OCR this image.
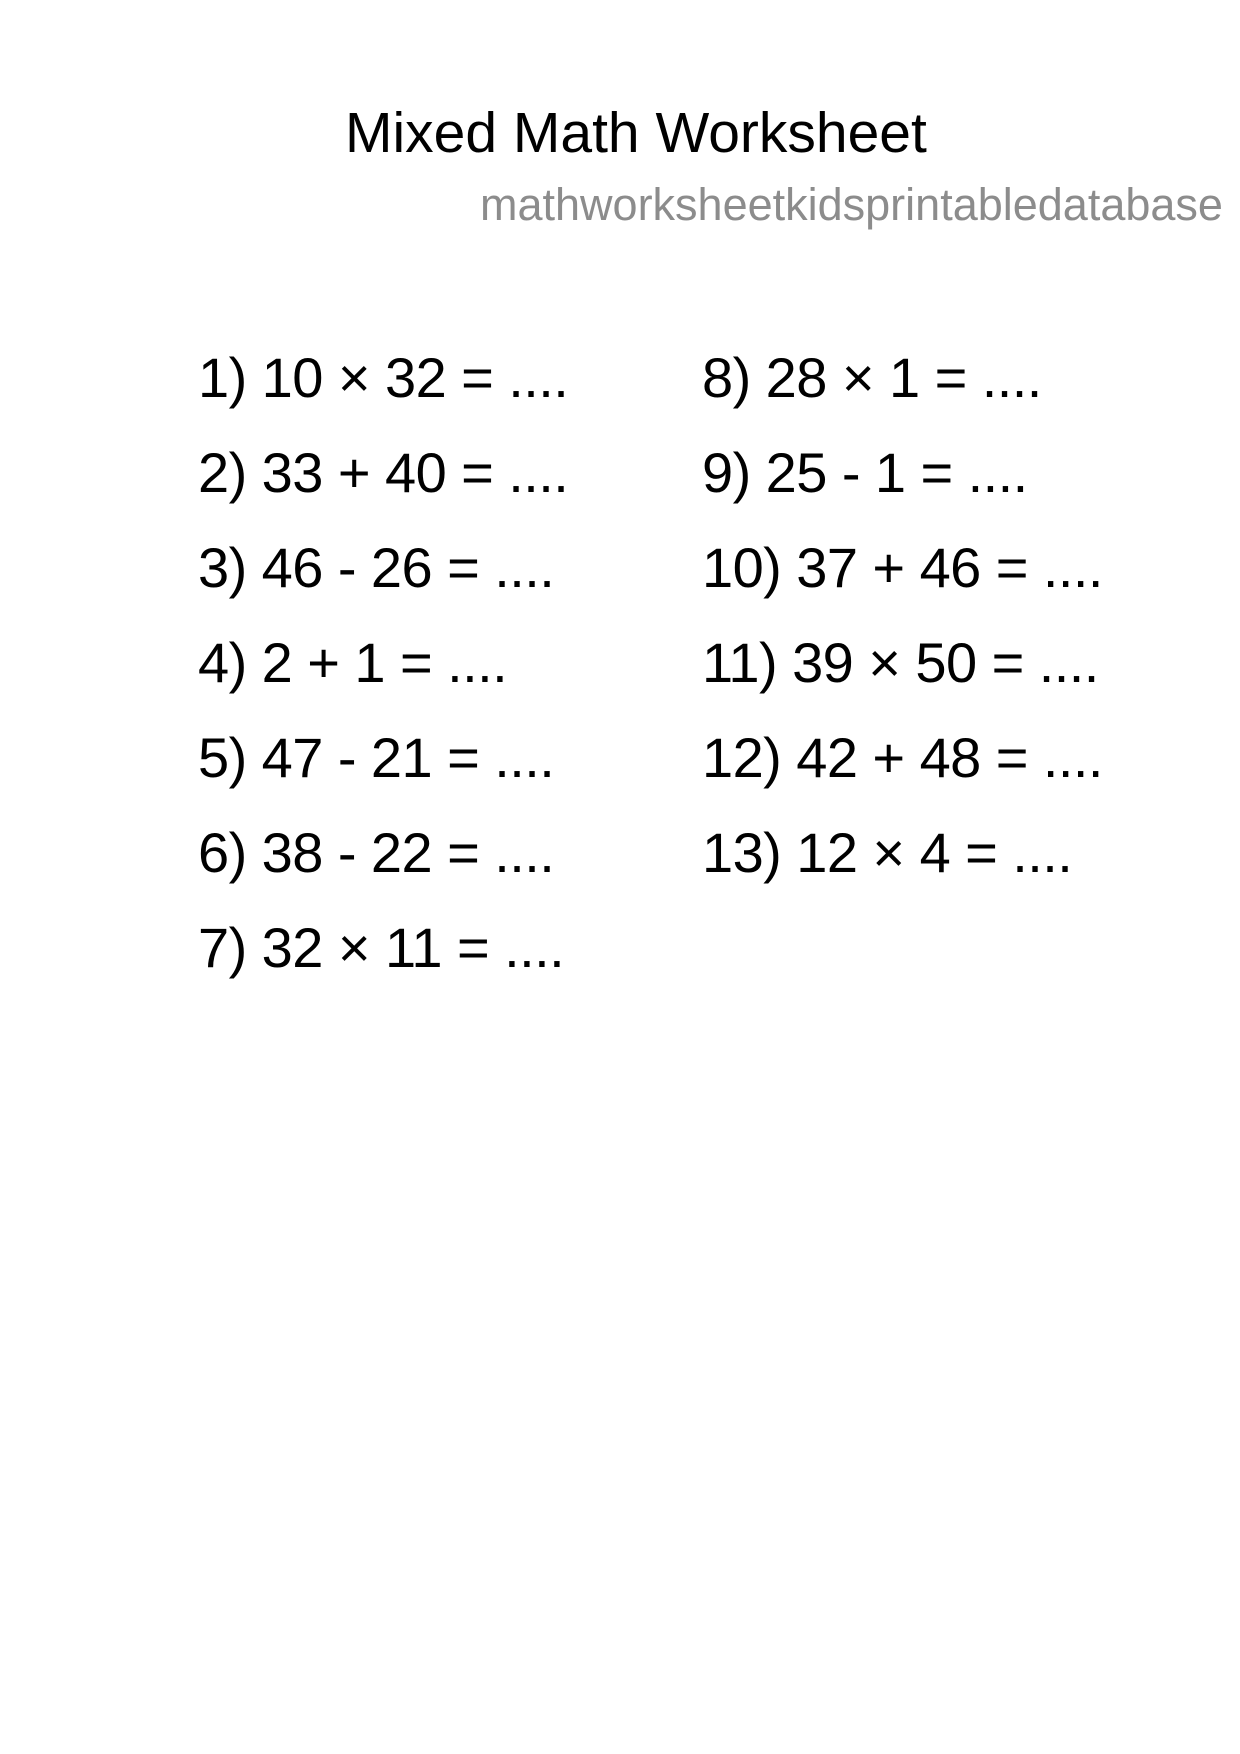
Mixed Math Worksheet
mathworksheetkidsprintabledatabase
1) 10 × 32 = ....
2) 33 + 40 = ....
3) 46 - 26 = ....
4) 2 + 1 = ....
5) 47 - 21 = ....
6) 38 - 22 = ....
7) 32 × 11 = ....
8) 28 × 1 = ....
9) 25 - 1 = ....
10) 37 + 46 = ....
11) 39 × 50 = ....
12) 42 + 48 = ....
13) 12 × 4 = ....
